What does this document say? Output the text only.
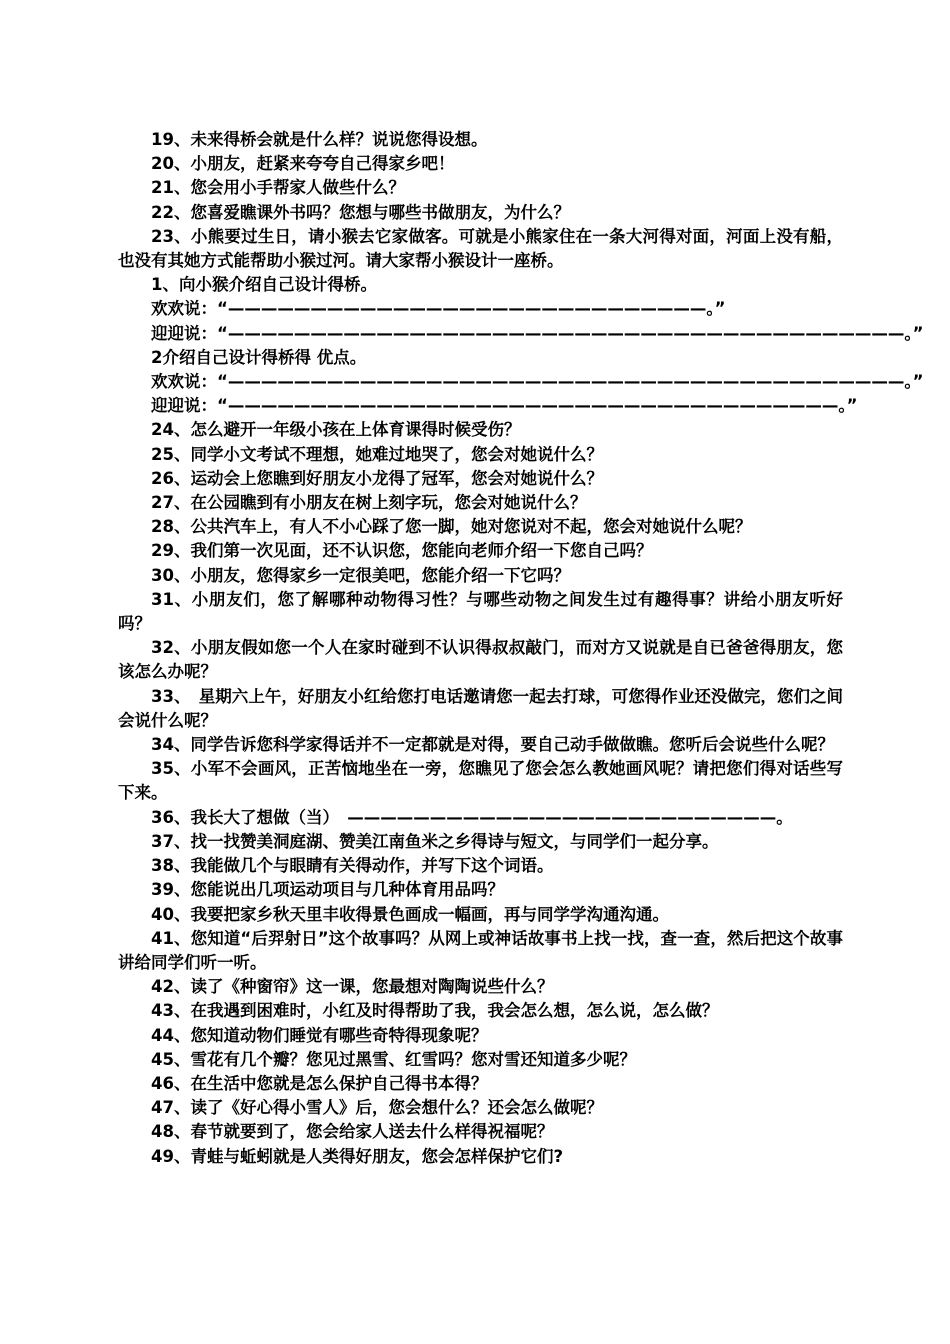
19、未来得桥会就是什么样？说说您得设想。
20、小朋友，赶紧来夸夸自己得家乡吧！
21、您会用小手帮家人做些什么？
22、您喜爱瞧课外书吗？您想与哪些书做朋友，为什么？
23、小熊要过生日，请小猴去它家做客。可就是小熊家住在一条大河得对面，河面上没有船，也没有其她方式能帮助小猴过河。请大家帮小猴设计一座桥。
1、向小猴介绍自己设计得桥。
欢欢说：“—————————————————————————————。”
迎迎说：“—————————————————————————————————————————。”
2介绍自己设计得桥得 优点。
欢欢说：“—————————————————————————————————————————。”
迎迎说：“—————————————————————————————————————。”
24、怎么避开一年级小孩在上体育课得时候受伤？
25、同学小文考试不理想，她难过地哭了，您会对她说什么？
26、运动会上您瞧到好朋友小龙得了冠军，您会对她说什么？
27、在公园瞧到有小朋友在树上刻字玩，您会对她说什么？
28、公共汽车上，有人不小心踩了您一脚，她对您说对不起，您会对她说什么呢？
29、我们第一次见面，还不认识您，您能向老师介绍一下您自己吗？
30、小朋友，您得家乡一定很美吧，您能介绍一下它吗？
31、小朋友们，您了解哪种动物得习性？与哪些动物之间发生过有趣得事？讲给小朋友听好吗？
32、小朋友假如您一个人在家时碰到不认识得叔叔敲门，而对方又说就是自已爸爸得朋友，您该怎么办呢？
33、　星期六上午，好朋友小红给您打电话邀请您一起去打球，可您得作业还没做完，您们之间会说什么呢？
34、同学告诉您科学家得话并不一定都就是对得，要自己动手做做瞧。您听后会说些什么呢？
35、小军不会画风，正苦恼地坐在一旁，您瞧见了您会怎么教她画风呢？请把您们得对话些写下来。
36、我长大了想做（当）　——————————————————————————。
37、找一找赞美洞庭湖、赞美江南鱼米之乡得诗与短文，与同学们一起分享。
38、我能做几个与眼睛有关得动作，并写下这个词语。
39、您能说出几项运动项目与几种体育用品吗？
40、我要把家乡秋天里丰收得景色画成一幅画，再与同学学沟通沟通。
41、您知道“后羿射日”这个故事吗？从网上或神话故事书上找一找，查一查，然后把这个故事讲给同学们听一听。
42、读了《种窗帘》这一课，您最想对陶陶说些什么？
43、在我遇到困难时，小红及时得帮助了我，我会怎么想，怎么说，怎么做？
44、您知道动物们睡觉有哪些奇特得现象呢？
45、雪花有几个瓣？您见过黑雪、红雪吗？您对雪还知道多少呢？
46、在生活中您就是怎么保护自己得书本得？
47、读了《好心得小雪人》后，您会想什么？还会怎么做呢？
48、春节就要到了，您会给家人送去什么样得祝福呢？
49、青蛙与蚯蚓就是人类得好朋友，您会怎样保护它们?
